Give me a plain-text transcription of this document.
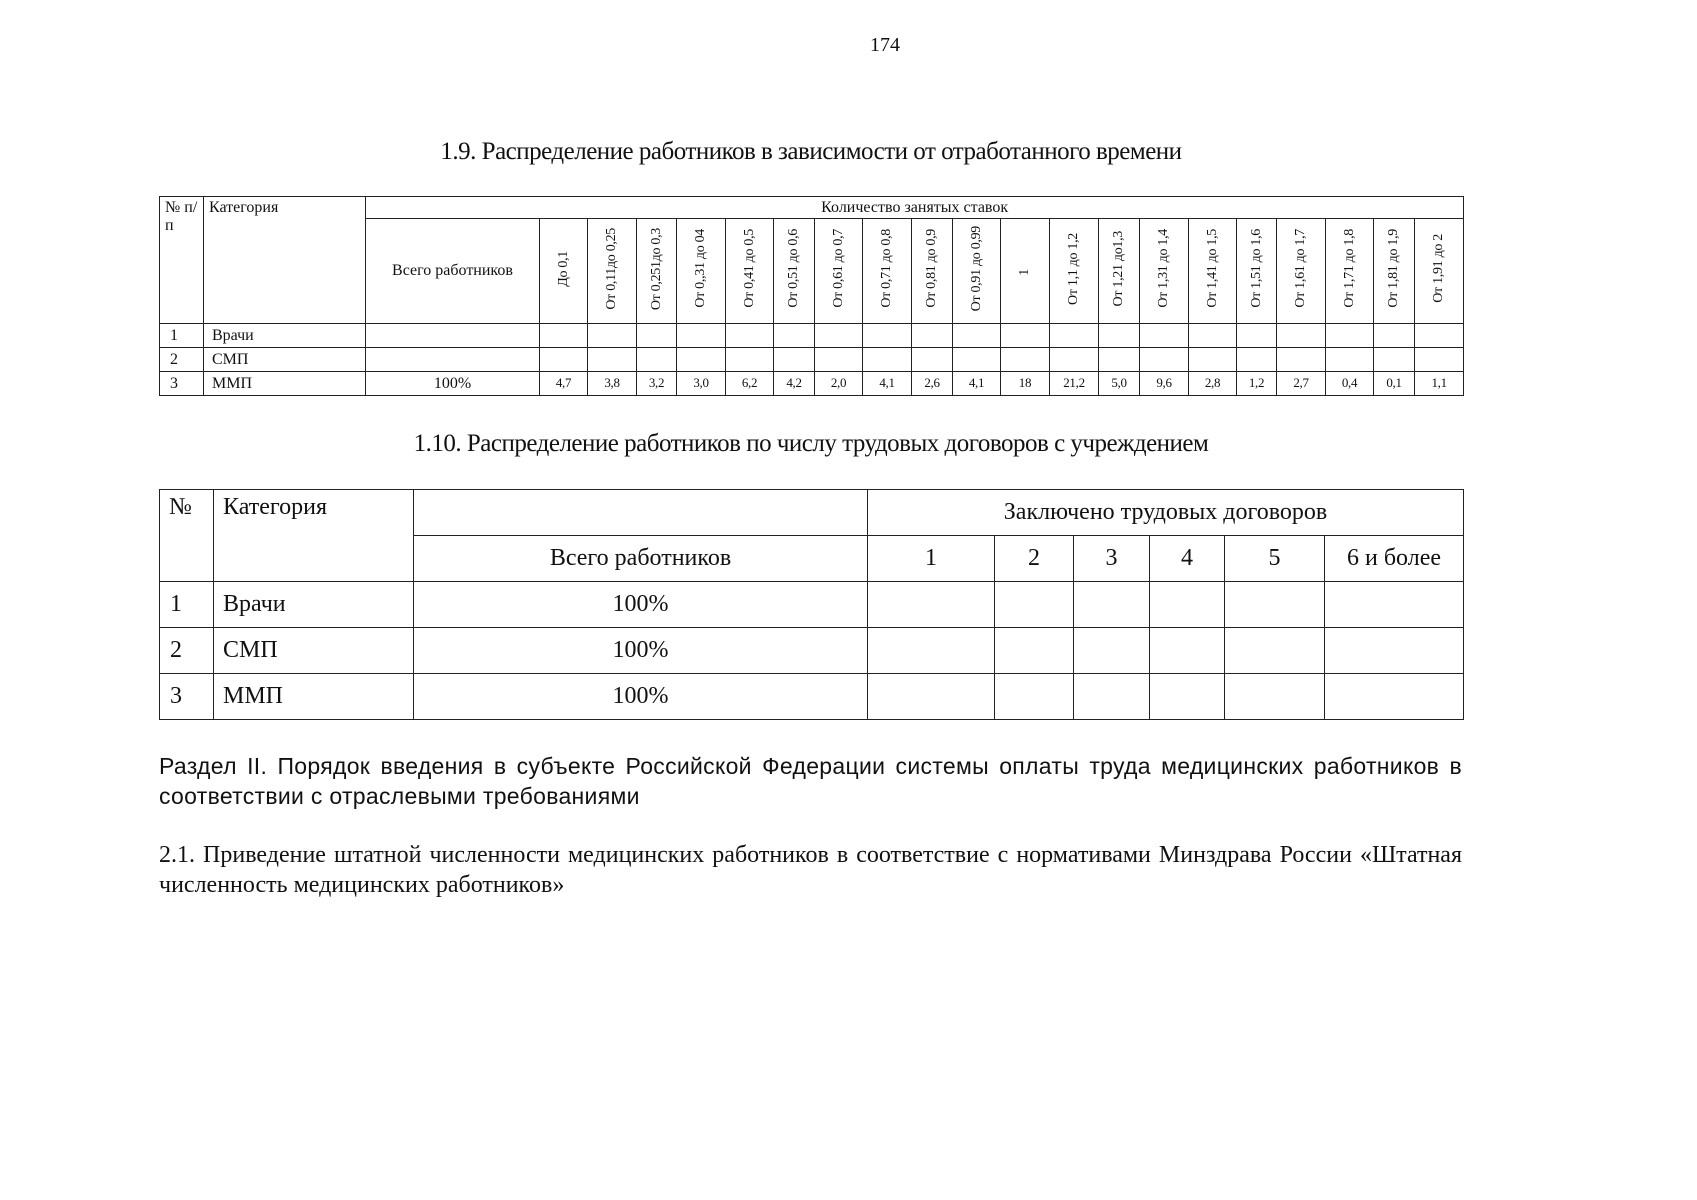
174
1.9. Распределение работников в зависимости от отработанного времени
№ п/п	Категория	Количество занятых ставок																				
		Всего работников	До 0,1	От 0,11до 0,25	От 0,251до 0,3	От 0,,31 до 04	От 0,41 до 0,5	От 0,51 до 0,6	От 0,61 до 0,7	От 0,71 до 0,8	От 0,81 до 0,9	От 0,91 до 0,99	1	От 1,1 до 1,2	От 1,21 до1,3	От 1,31 до 1,4	От 1,41 до 1,5	От 1,51 до 1,6	От 1,61 до 1,7	От 1,71 до 1,8	От 1,81 до 1,9	От 1,91 до 2
1	Врачи																					
2	СМП																					
3	ММП	100%	4,7	3,8	3,2	3,0	6,2	4,2	2,0	4,1	2,6	4,1	18	21,2	5,0	9,6	2,8	1,2	2,7	0,4	0,1	1,1
1.10. Распределение работников по числу трудовых договоров с учреждением
№	Категория		Заключено трудовых договоров					
		Всего работников	1	2	3	4	5	6 и более
1	Врачи	100%						
2	СМП	100%						
3	ММП	100%						

Раздел II. Порядок введения в субъекте Российской Федерации системы оплаты труда медицинских работников в соответствии с отраслевыми требованиями

2.1. Приведение штатной численности медицинских работников в соответствие с нормативами Минздрава России «Штатная численность медицинских работников»
